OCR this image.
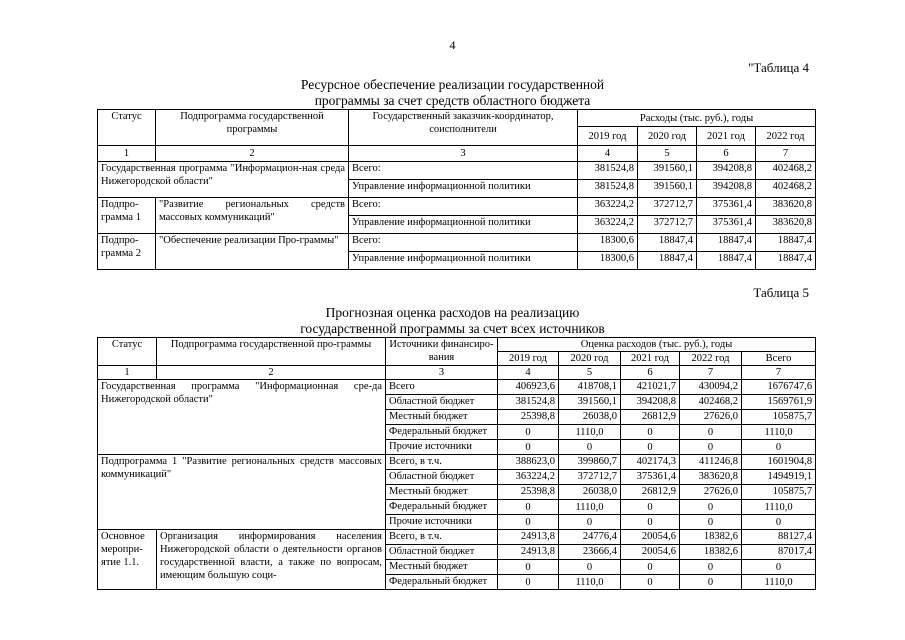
4
"Таблица 4
Ресурсное обеспечение реализации государственной
программы за счет средств областного бюджета
Статус	Подпрограмма государственной программы	Государственный заказчик-координатор, соисполнители	Расходы (тыс. руб.), годы			
			2019 год	2020 год	2021 год	2022 год
1	2	3	4	5	6	7
Государственная программа "Информацион-ная среда Нижегородской области"		Всего:	381524,8	391560,1	394208,8	402468,2
		Управление информационной политики	381524,8	391560,1	394208,8	402468,2
Подпро-грамма 1	"Развитие региональных средств массовых коммуникаций"	Всего:	363224,2	372712,7	375361,4	383620,8
		Управление информационной политики	363224,2	372712,7	375361,4	383620,8
Подпро-грамма 2	"Обеспечение реализации Про-граммы"	Всего:	18300,6	18847,4	18847,4	18847,4
		Управление информационной политики	18300,6	18847,4	18847,4	18847,4
Таблица 5
Прогнозная оценка расходов на реализацию
государственной программы за счет всех источников
Статус	Подпрограмма государственной про-граммы	Источники финансиро-вания	Оценка расходов (тыс. руб.), годы				
			2019 год	2020 год	2021 год	2022 год	Всего
1	2	3	4	5	6	7	7
Государственная программа "Информационная сре-да Нижегородской области"		Всего	406923,6	418708,1	421021,7	430094,2	1676747,6
		Областной бюджет	381524,8	391560,1	394208,8	402468,2	1569761,9
		Местный бюджет	25398,8	26038,0	26812,9	27626,0	105875,7
		Федеральный бюджет	0	1110,0	0	0	1110,0
		Прочие источники	0	0	0	0	0
Подпрограмма 1 "Развитие региональных средств массовых коммуникаций"		Всего, в т.ч.	388623,0	399860,7	402174,3	411246,8	1601904,8
		Областной бюджет	363224,2	372712,7	375361,4	383620,8	1494919,1
		Местный бюджет	25398,8	26038,0	26812,9	27626,0	105875,7
		Федеральный бюджет	0	1110,0	0	0	1110,0
		Прочие источники	0	0	0	0	0
Основное меропри-ятие 1.1.	Организация информирования населения Нижегородской области о деятельности органов государственной власти, а также по вопросам, имеющим большую соци-	Всего, в т.ч.	24913,8	24776,4	20054,6	18382,6	88127,4
		Областной бюджет	24913,8	23666,4	20054,6	18382,6	87017,4
		Местный бюджет	0	0	0	0	0
		Федеральный бюджет	0	1110,0	0	0	1110,0
